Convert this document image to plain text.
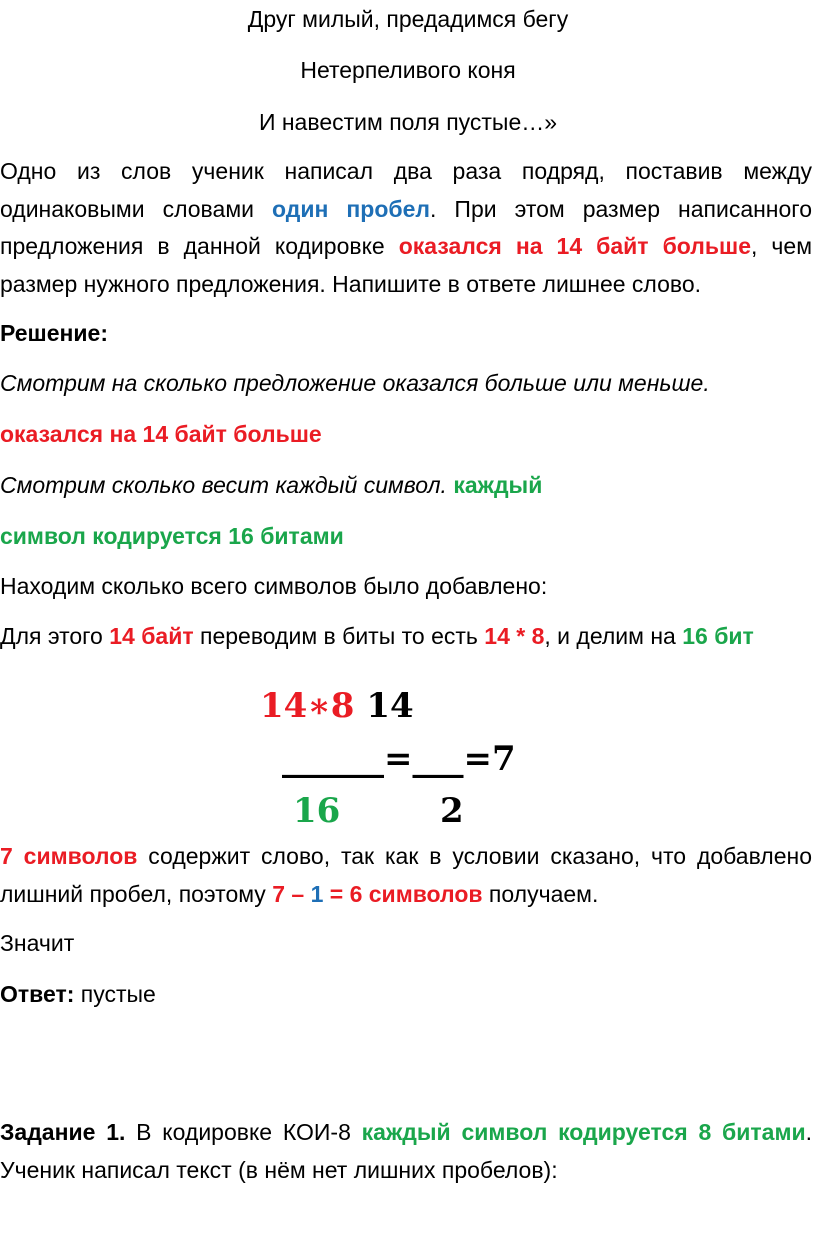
Друг милый, предадимся бегу
Нетерпеливого коня
И навестим поля пустые…»
Одно из слов ученик написал два раза подряд, поставив между одинаковыми словами один пробел. При этом размер написанного предложения в данной кодировке оказался на 14 байт больше, чем размер нужного предложения. Напишите в ответе лишнее слово.
Решение:
Смотрим на сколько предложение оказался больше или меньше.
оказался на 14 байт больше
Смотрим сколько весит каждый символ. каждый
символ кодируется 16 битами
Находим сколько всего символов было добавлено:
Для этого 14 байт переводим в биты то есть 14 * 8, и делим на 16 бит
14∗8 14
______=___=7
16	2
7 символов содержит слово, так как в условии сказано, что добавлено лишний пробел, поэтому 7 – 1 = 6 символов получаем.
Значит
Ответ: пустые
Задание 1. В кодировке КОИ-8 каждый символ кодируется 8 битами. Ученик написал текст (в нём нет лишних пробелов):
